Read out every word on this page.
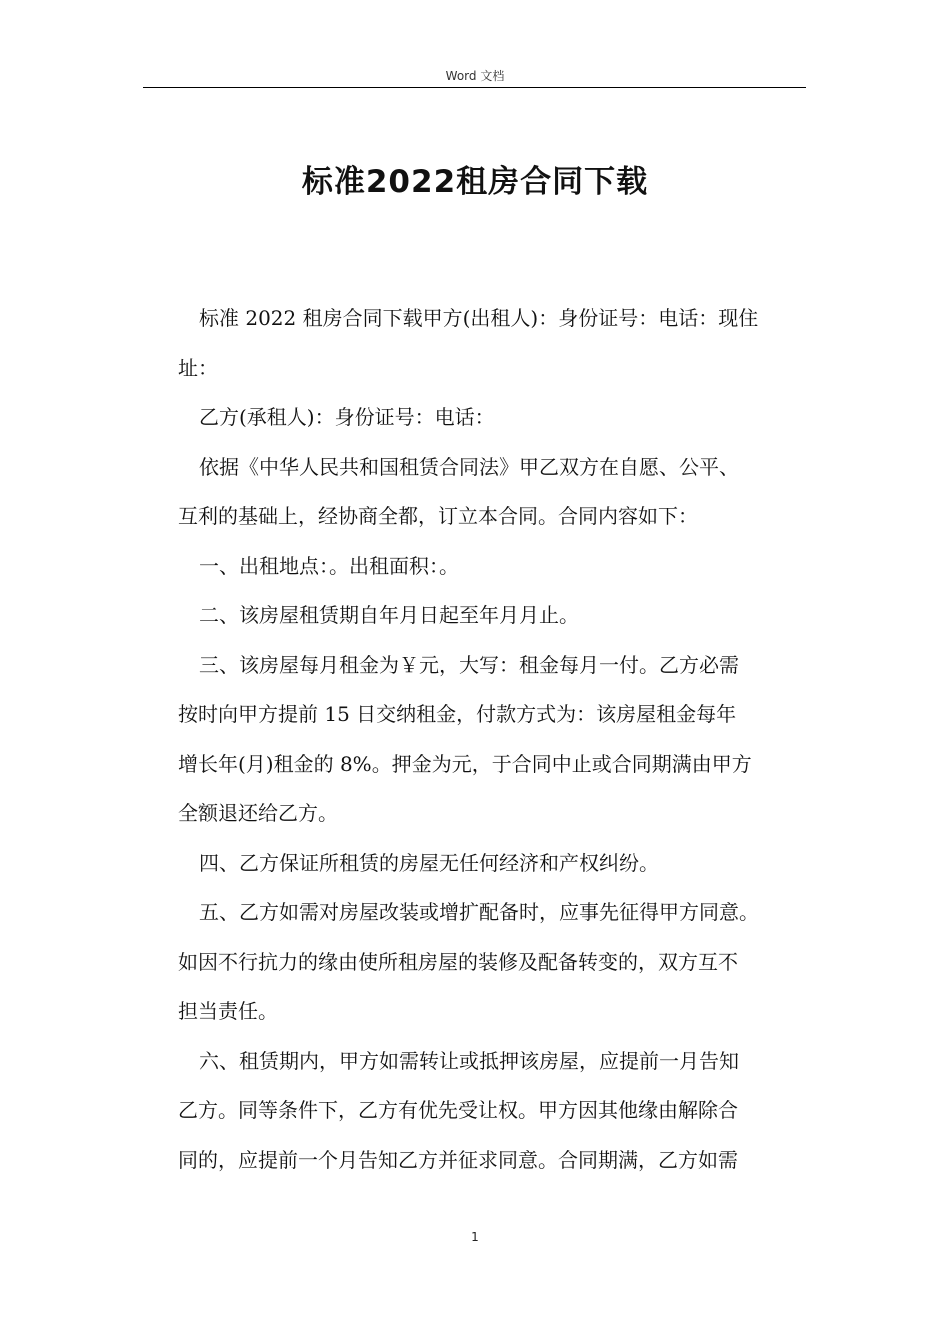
Word 文档
标准2022租房合同下载
标准 2022 租房合同下载甲方(出租人)：身份证号：电话：现住
址：
乙方(承租人)：身份证号：电话：
依据《中华人民共和国租赁合同法》甲乙双方在自愿、公平、
互利的基础上，经协商全都，订立本合同。合同内容如下：
一、出租地点：。出租面积：。
二、该房屋租赁期自年月日起至年月月止。
三、该房屋每月租金为￥元，大写：租金每月一付。乙方必需
按时向甲方提前 15 日交纳租金，付款方式为：该房屋租金每年
增长年(月)租金的 8%。押金为元，于合同中止或合同期满由甲方
全额退还给乙方。
四、乙方保证所租赁的房屋无任何经济和产权纠纷。
五、乙方如需对房屋改装或增扩配备时，应事先征得甲方同意。
如因不行抗力的缘由使所租房屋的装修及配备转变的，双方互不
担当责任。
六、租赁期内，甲方如需转让或抵押该房屋，应提前一月告知
乙方。同等条件下，乙方有优先受让权。甲方因其他缘由解除合
同的，应提前一个月告知乙方并征求同意。合同期满，乙方如需
1
